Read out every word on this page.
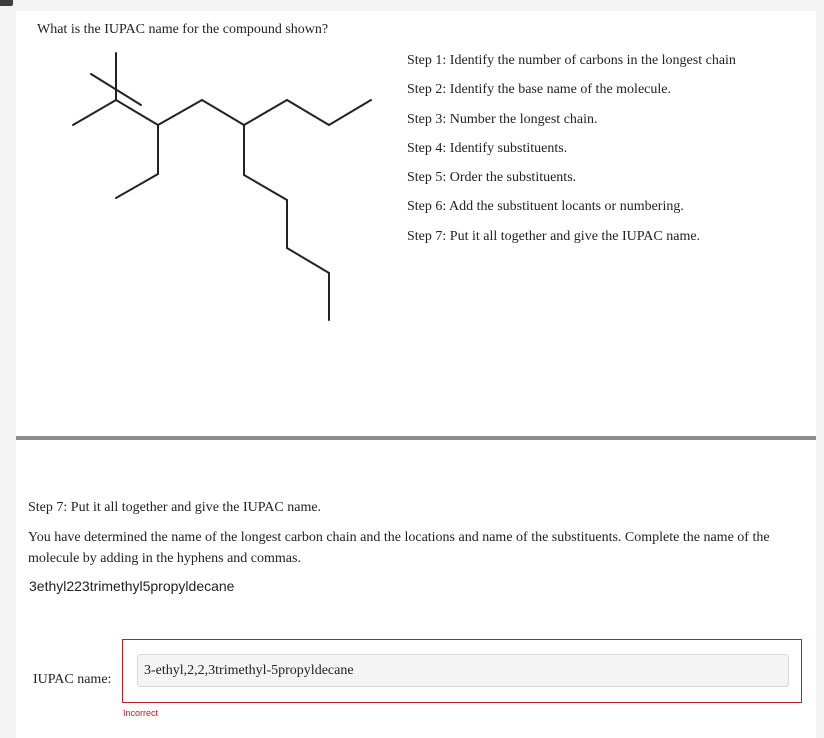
What is the IUPAC name for the compound shown?
Step 1: Identify the number of carbons in the longest chain
Step 2: Identify the base name of the molecule.
Step 3: Number the longest chain.
Step 4: Identify substituents.
Step 5: Order the substituents.
Step 6: Add the substituent locants or numbering.
Step 7: Put it all together and give the IUPAC name.
Step 7: Put it all together and give the IUPAC name.

You have determined the name of the longest carbon chain and the locations and name of the substituents. Complete the name of the molecule by adding in the hyphens and commas.

3ethyl223trimethyl5propyldecane
IUPAC name:
3-ethyl,2,2,3trimethyl-5propyldecane
Incorrect
